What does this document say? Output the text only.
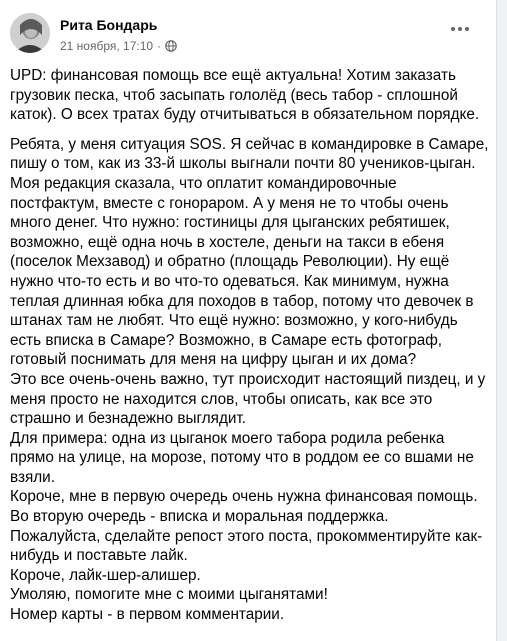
Рита Бондарь
21 ноября, 17:10 ·
UPD: финансовая помощь все ещё актуальна! Хотим заказать
грузовик песка, чтоб засыпать гололёд (весь табор - сплошной
каток). О всех тратах буду отчитываться в обязательном порядке.
Ребята, у меня ситуация SOS. Я сейчас в командировке в Самаре,
пишу о том, как из 33-й школы выгнали почти 80 учеников-цыган.
Моя редакция сказала, что оплатит командировочные
постфактум, вместе с гонораром. А у меня не то чтобы очень
много денег. Что нужно: гостиницы для цыганских ребятишек,
возможно, ещё одна ночь в хостеле, деньги на такси в ебеня
(поселок Мехзавод) и обратно (площадь Революции). Ну ещё
нужно что-то есть и во что-то одеваться. Как минимум, нужна
теплая длинная юбка для походов в табор, потому что девочек в
штанах там не любят. Что ещё нужно: возможно, у кого-нибудь
есть вписка в Самаре? Возможно, в Самаре есть фотограф,
готовый поснимать для меня на цифру цыган и их дома?
Это все очень-очень важно, тут происходит настоящий пиздец, и у
меня просто не находится слов, чтобы описать, как все это
страшно и безнадежно выглядит.
Для примера: одна из цыганок моего табора родила ребенка
прямо на улице, на морозе, потому что в роддом ее со вшами не
взяли.
Короче, мне в первую очередь очень нужна финансовая помощь.
Во вторую очередь - вписка и моральная поддержка.
Пожалуйста, сделайте репост этого поста, прокомментируйте как-
нибудь и поставьте лайк.
Короче, лайк-шер-алишер.
Умоляю, помогите мне с моими цыганятами!
Номер карты - в первом комментарии.
